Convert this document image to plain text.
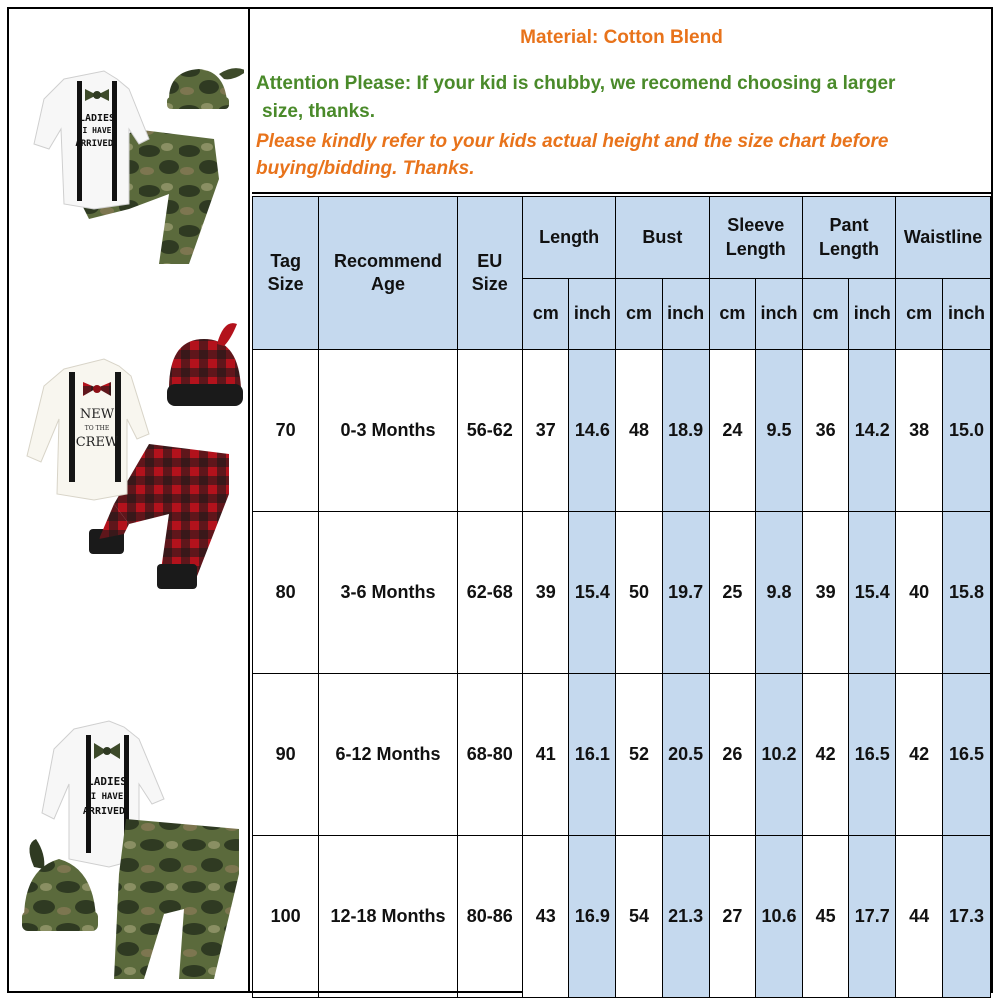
LADIES
I HAVE
ARRIVED.
NEW
TO THE
CREW
LADIES
I HAVE
ARRIVED.
Material: Cotton Blend
Attention Please: If your kid is chubby, we recomend choosing a larger
size, thanks.
Please kindly refer to your kids actual height and the size chart before
buying/bidding. Thanks.
Tag Size	Recommend Age	EU Size	Length		Bust		Sleeve Length		Pant Length		Waistline	
			cm	inch	cm	inch	cm	inch	cm	inch	cm	inch
70	0-3 Months	56-62	37	14.6	48	18.9	24	9.5	36	14.2	38	15.0
80	3-6 Months	62-68	39	15.4	50	19.7	25	9.8	39	15.4	40	15.8
90	6-12 Months	68-80	41	16.1	52	20.5	26	10.2	42	16.5	42	16.5
100	12-18 Months	80-86	43	16.9	54	21.3	27	10.6	45	17.7	44	17.3
